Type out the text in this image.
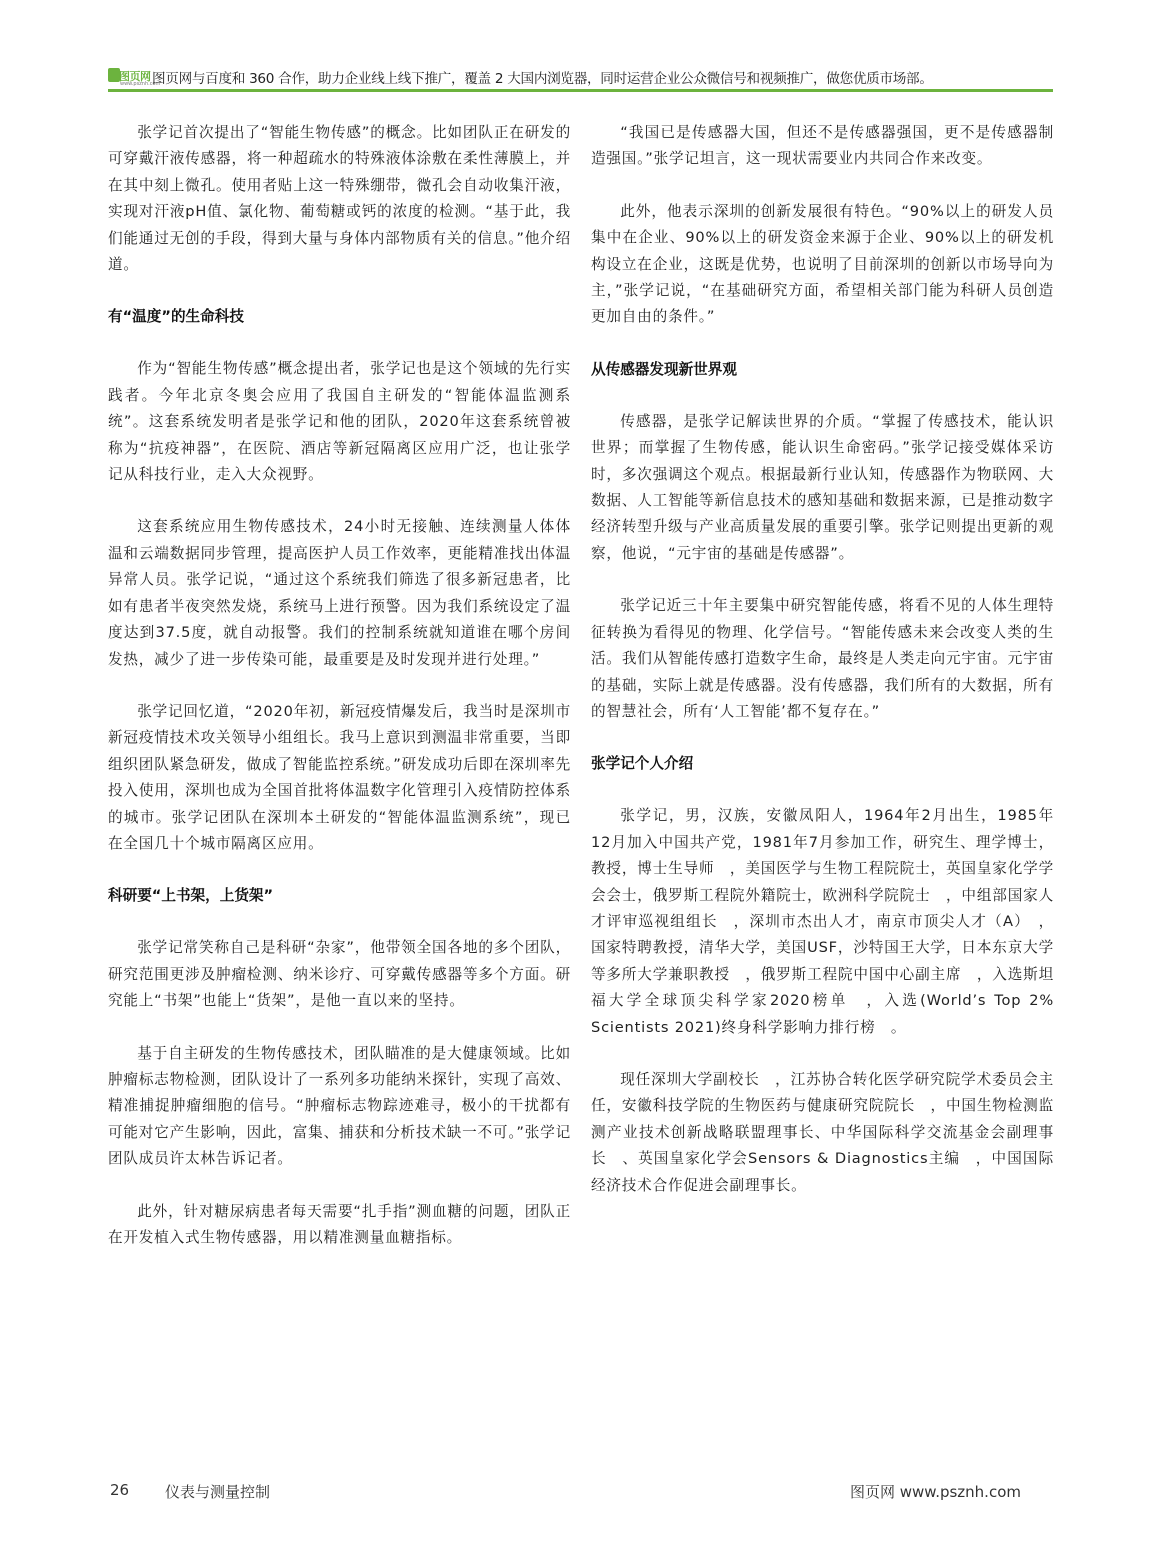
图页网
www.psznh.com
图页网与百度和 360 合作，助力企业线上线下推广，覆盖 2 大国内浏览器，同时运营企业公众微信号和视频推广，做您优质市场部。

张学记首次提出了“智能生物传感”的概念。比如团队正在研发的可穿戴汗液传感器，将一种超疏水的特殊液体涂敷在柔性薄膜上，并在其中刻上微孔。使用者贴上这一特殊绷带，微孔会自动收集汗液，实现对汗液pH值、氯化物、葡萄糖或钙的浓度的检测。“基于此，我们能通过无创的手段，得到大量与身体内部物质有关的信息。”他介绍道。

有“温度”的生命科技

作为“智能生物传感”概念提出者，张学记也是这个领域的先行实践者。今年北京冬奥会应用了我国自主研发的“智能体温监测系统”。这套系统发明者是张学记和他的团队，2020年这套系统曾被称为“抗疫神器”，在医院、酒店等新冠隔离区应用广泛，也让张学记从科技行业，走入大众视野。

这套系统应用生物传感技术，24小时无接触、连续测量人体体温和云端数据同步管理，提高医护人员工作效率，更能精准找出体温异常人员。张学记说，“通过这个系统我们筛选了很多新冠患者，比如有患者半夜突然发烧，系统马上进行预警。因为我们系统设定了温度达到37.5度，就自动报警。我们的控制系统就知道谁在哪个房间发热，减少了进一步传染可能，最重要是及时发现并进行处理。”

张学记回忆道，“2020年初，新冠疫情爆发后，我当时是深圳市新冠疫情技术攻关领导小组组长。我马上意识到测温非常重要，当即组织团队紧急研发，做成了智能监控系统。”研发成功后即在深圳率先投入使用，深圳也成为全国首批将体温数字化管理引入疫情防控体系的城市。张学记团队在深圳本土研发的“智能体温监测系统”，现已在全国几十个城市隔离区应用。

科研要“上书架，上货架”

张学记常笑称自己是科研“杂家”，他带领全国各地的多个团队，研究范围更涉及肿瘤检测、纳米诊疗、可穿戴传感器等多个方面。研究能上“书架”也能上“货架”，是他一直以来的坚持。

基于自主研发的生物传感技术，团队瞄准的是大健康领域。比如肿瘤标志物检测，团队设计了一系列多功能纳米探针，实现了高效、精准捕捉肿瘤细胞的信号。“肿瘤标志物踪迹难寻，极小的干扰都有可能对它产生影响，因此，富集、捕获和分析技术缺一不可。”张学记团队成员许太林告诉记者。

此外，针对糖尿病患者每天需要“扎手指”测血糖的问题，团队正在开发植入式生物传感器，用以精准测量血糖指标。

“我国已是传感器大国，但还不是传感器强国，更不是传感器制造强国。”张学记坦言，这一现状需要业内共同合作来改变。

此外，他表示深圳的创新发展很有特色。“90%以上的研发人员集中在企业、90%以上的研发资金来源于企业、90%以上的研发机构设立在企业，这既是优势，也说明了目前深圳的创新以市场导向为主，”张学记说，“在基础研究方面，希望相关部门能为科研人员创造更加自由的条件。”

从传感器发现新世界观

传感器，是张学记解读世界的介质。“掌握了传感技术，能认识世界；而掌握了生物传感，能认识生命密码。”张学记接受媒体采访时，多次强调这个观点。根据最新行业认知，传感器作为物联网、大数据、人工智能等新信息技术的感知基础和数据来源，已是推动数字经济转型升级与产业高质量发展的重要引擎。张学记则提出更新的观察，他说，“元宇宙的基础是传感器”。

张学记近三十年主要集中研究智能传感，将看不见的人体生理特征转换为看得见的物理、化学信号。“智能传感未来会改变人类的生活。我们从智能传感打造数字生命，最终是人类走向元宇宙。元宇宙的基础，实际上就是传感器。没有传感器，我们所有的大数据，所有的智慧社会，所有‘人工智能’都不复存在。”

张学记个人介绍

张学记，男，汉族，安徽凤阳人，1964年2月出生，1985年12月加入中国共产党，1981年7月参加工作，研究生、理学博士，教授，博士生导师　，美国医学与生物工程院院士，英国皇家化学学会会士，俄罗斯工程院外籍院士，欧洲科学院院士　，中组部国家人才评审巡视组组长　，深圳市杰出人才，南京市顶尖人才（A）　，国家特聘教授，清华大学，美国USF，沙特国王大学，日本东京大学等多所大学兼职教授　，俄罗斯工程院中国中心副主席　，入选斯坦福大学全球顶尖科学家2020榜单　，入选(World’s Top 2% Scientists 2021)终身科学影响力排行榜　。

现任深圳大学副校长　，江苏协合转化医学研究院学术委员会主任，安徽科技学院的生物医药与健康研究院院长　，中国生物检测监测产业技术创新战略联盟理事长、中华国际科学交流基金会副理事长　、英国皇家化学会Sensors & Diagnostics主编　，中国国际经济技术合作促进会副理事长。

26 仪表与测量控制	图页网 www.psznh.com
